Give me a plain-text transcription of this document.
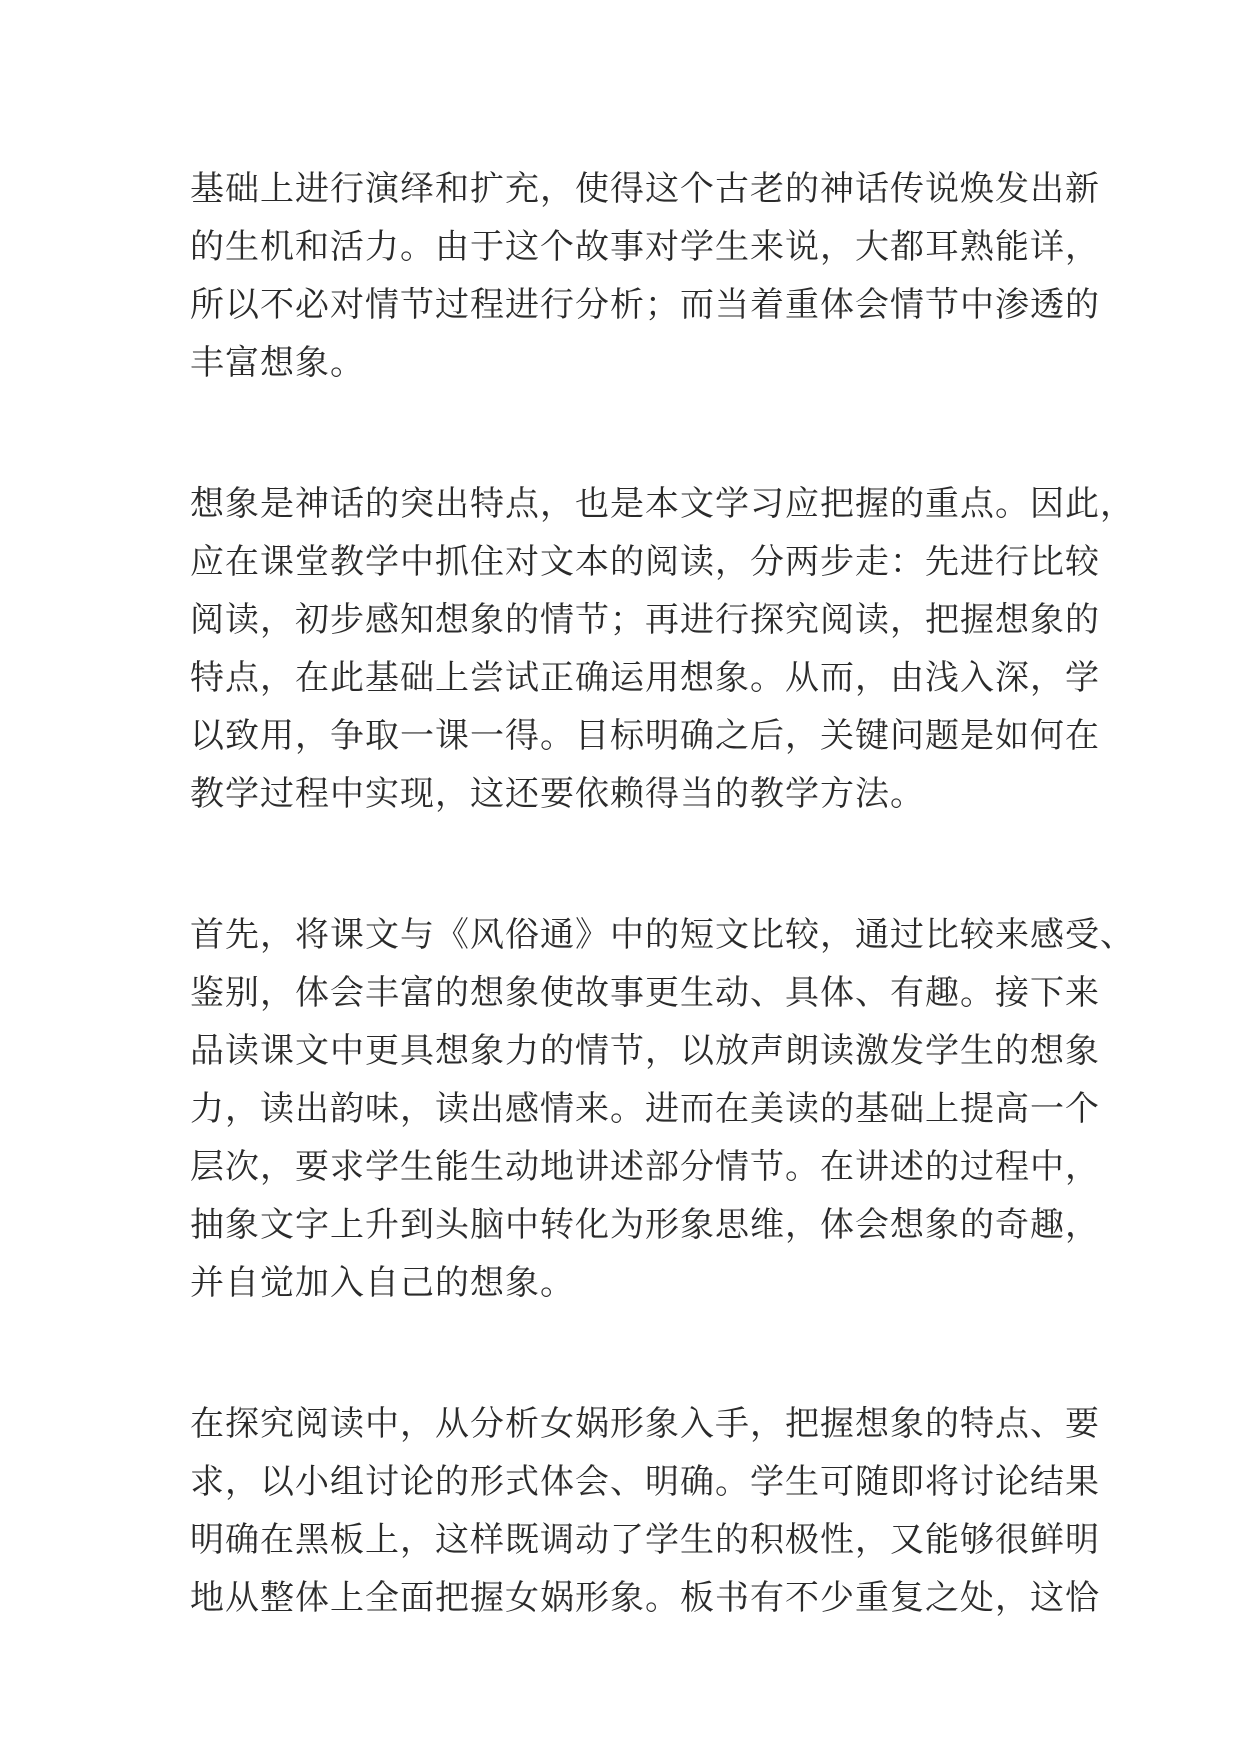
基础上进行演绎和扩充，使得这个古老的神话传说焕发出新
的生机和活力。由于这个故事对学生来说，大都耳熟能详，
所以不必对情节过程进行分析；而当着重体会情节中渗透的
丰富想象。
想象是神话的突出特点，也是本文学习应把握的重点。因此，
应在课堂教学中抓住对文本的阅读，分两步走：先进行比较
阅读，初步感知想象的情节；再进行探究阅读，把握想象的
特点，在此基础上尝试正确运用想象。从而，由浅入深，学
以致用，争取一课一得。目标明确之后，关键问题是如何在
教学过程中实现，这还要依赖得当的教学方法。
首先，将课文与《风俗通》中的短文比较，通过比较来感受、
鉴别，体会丰富的想象使故事更生动、具体、有趣。接下来
品读课文中更具想象力的情节，以放声朗读激发学生的想象
力，读出韵味，读出感情来。进而在美读的基础上提高一个
层次，要求学生能生动地讲述部分情节。在讲述的过程中，
抽象文字上升到头脑中转化为形象思维，体会想象的奇趣，
并自觉加入自己的想象。
在探究阅读中，从分析女娲形象入手，把握想象的特点、要
求，以小组讨论的形式体会、明确。学生可随即将讨论结果
明确在黑板上，这样既调动了学生的积极性，又能够很鲜明
地从整体上全面把握女娲形象。板书有不少重复之处，这恰
